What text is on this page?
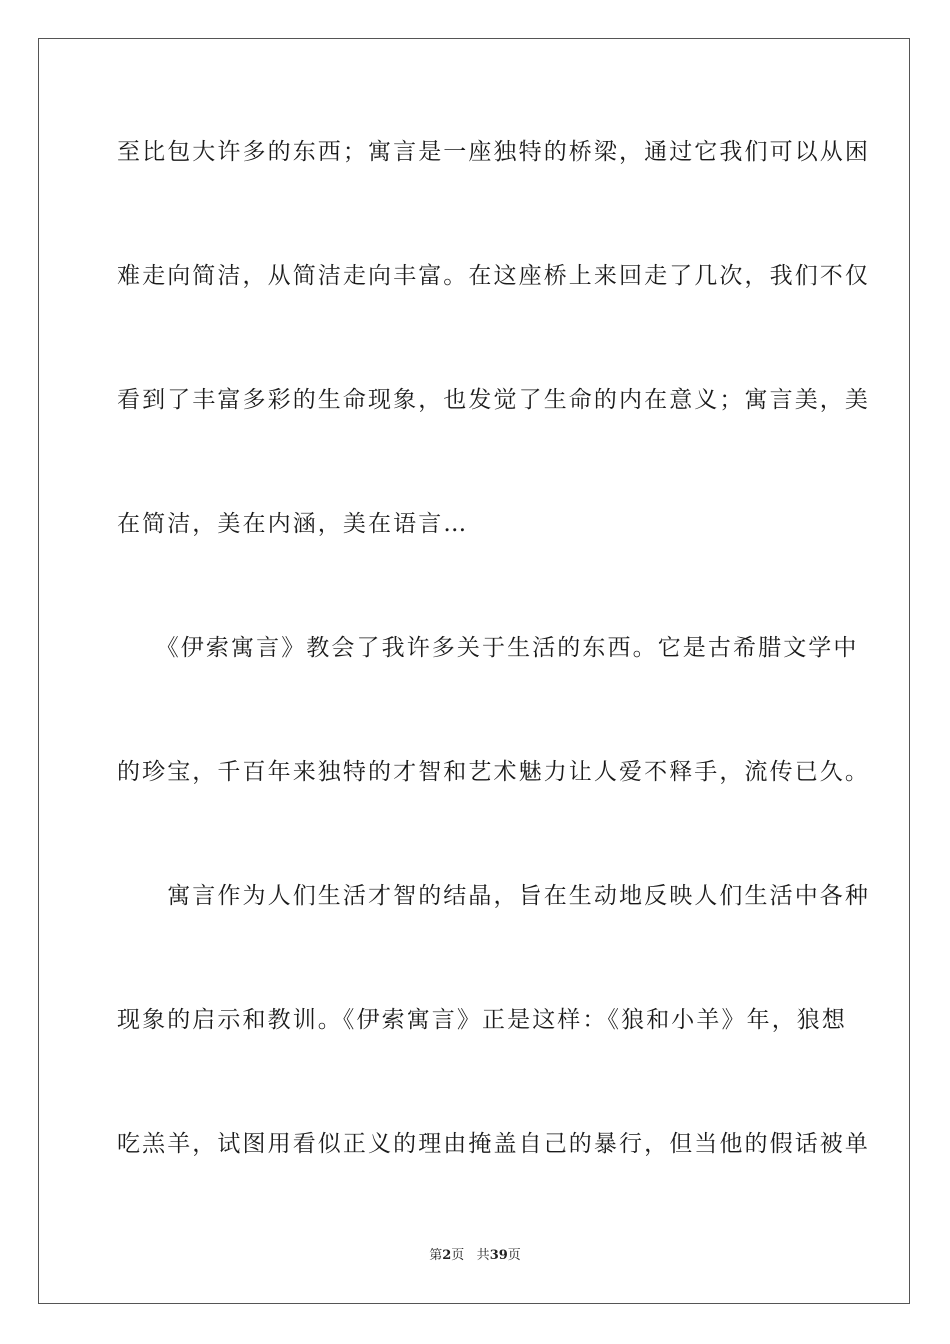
至比包大许多的东西；寓言是一座独特的桥梁，通过它我们可以从困
难走向简洁，从简洁走向丰富。在这座桥上来回走了几次，我们不仅
看到了丰富多彩的生命现象，也发觉了生命的内在意义；寓言美，美
在简洁，美在内涵，美在语言…
　　《伊索寓言》教会了我许多关于生活的东西。它是古希腊文学中
的珍宝，千百年来独特的才智和艺术魅力让人爱不释手，流传已久。
　　寓言作为人们生活才智的结晶，旨在生动地反映人们生活中各种
现象的启示和教训。《伊索寓言》正是这样：《狼和小羊》年，狼想
吃羔羊，试图用看似正义的理由掩盖自己的暴行，但当他的假话被单
第2页 共39页
